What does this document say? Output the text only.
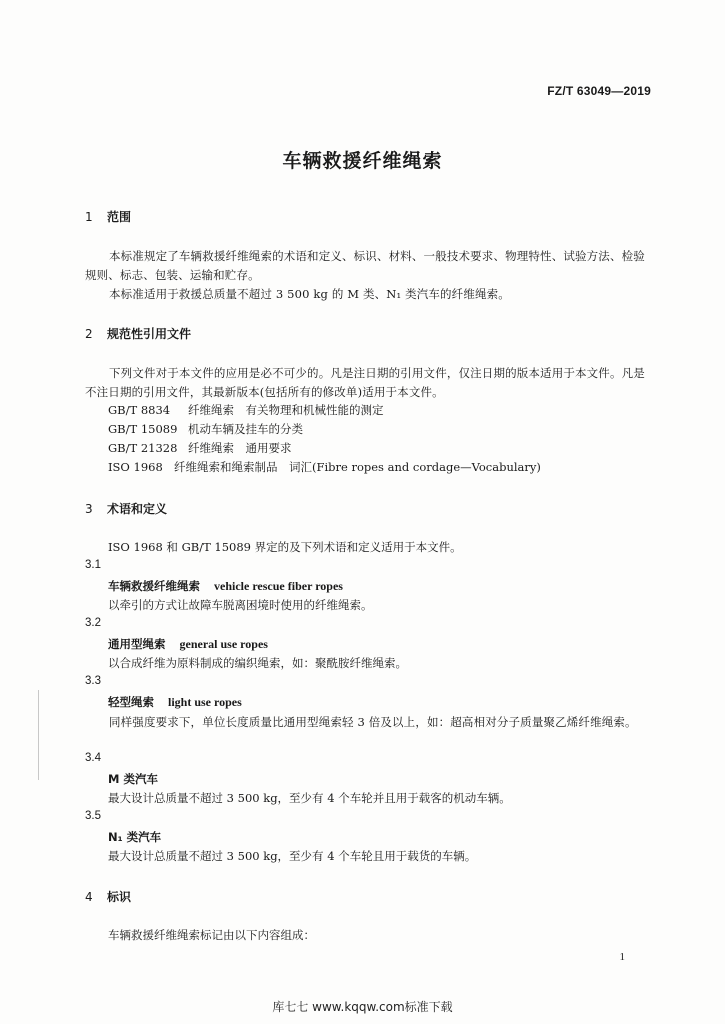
FZ/T 63049—2019
车辆救援纤维绳索
1 范围
本标准规定了车辆救援纤维绳索的术语和定义、标识、材料、一般技术要求、物理特性、试验方法、检验规则、标志、包装、运输和贮存。
本标准适用于救援总质量不超过 3 500 kg 的 M 类、N₁ 类汽车的纤维绳索。
2 规范性引用文件
下列文件对于本文件的应用是必不可少的。凡是注日期的引用文件，仅注日期的版本适用于本文件。凡是不注日期的引用文件，其最新版本(包括所有的修改单)适用于本文件。
GB/T 8834 纤维绳索　有关物理和机械性能的测定
GB/T 15089 机动车辆及挂车的分类
GB/T 21328 纤维绳索　通用要求
ISO 1968 纤维绳索和绳索制品　词汇(Fibre ropes and cordage—Vocabulary)
3 术语和定义
ISO 1968 和 GB/T 15089 界定的及下列术语和定义适用于本文件。
3.1
车辆救援纤维绳索 vehicle rescue fiber ropes
以牵引的方式让故障车脱离困境时使用的纤维绳索。
3.2
通用型绳索 general use ropes
以合成纤维为原料制成的编织绳索，如：聚酰胺纤维绳索。
3.3
轻型绳索 light use ropes
同样强度要求下，单位长度质量比通用型绳索轻 3 倍及以上，如：超高相对分子质量聚乙烯纤维绳索。
3.4
M 类汽车
最大设计总质量不超过 3 500 kg，至少有 4 个车轮并且用于载客的机动车辆。
3.5
N₁ 类汽车
最大设计总质量不超过 3 500 kg，至少有 4 个车轮且用于载货的车辆。
4 标识
车辆救援纤维绳索标记由以下内容组成：
1
库七七 www.kqqw.com标准下载
